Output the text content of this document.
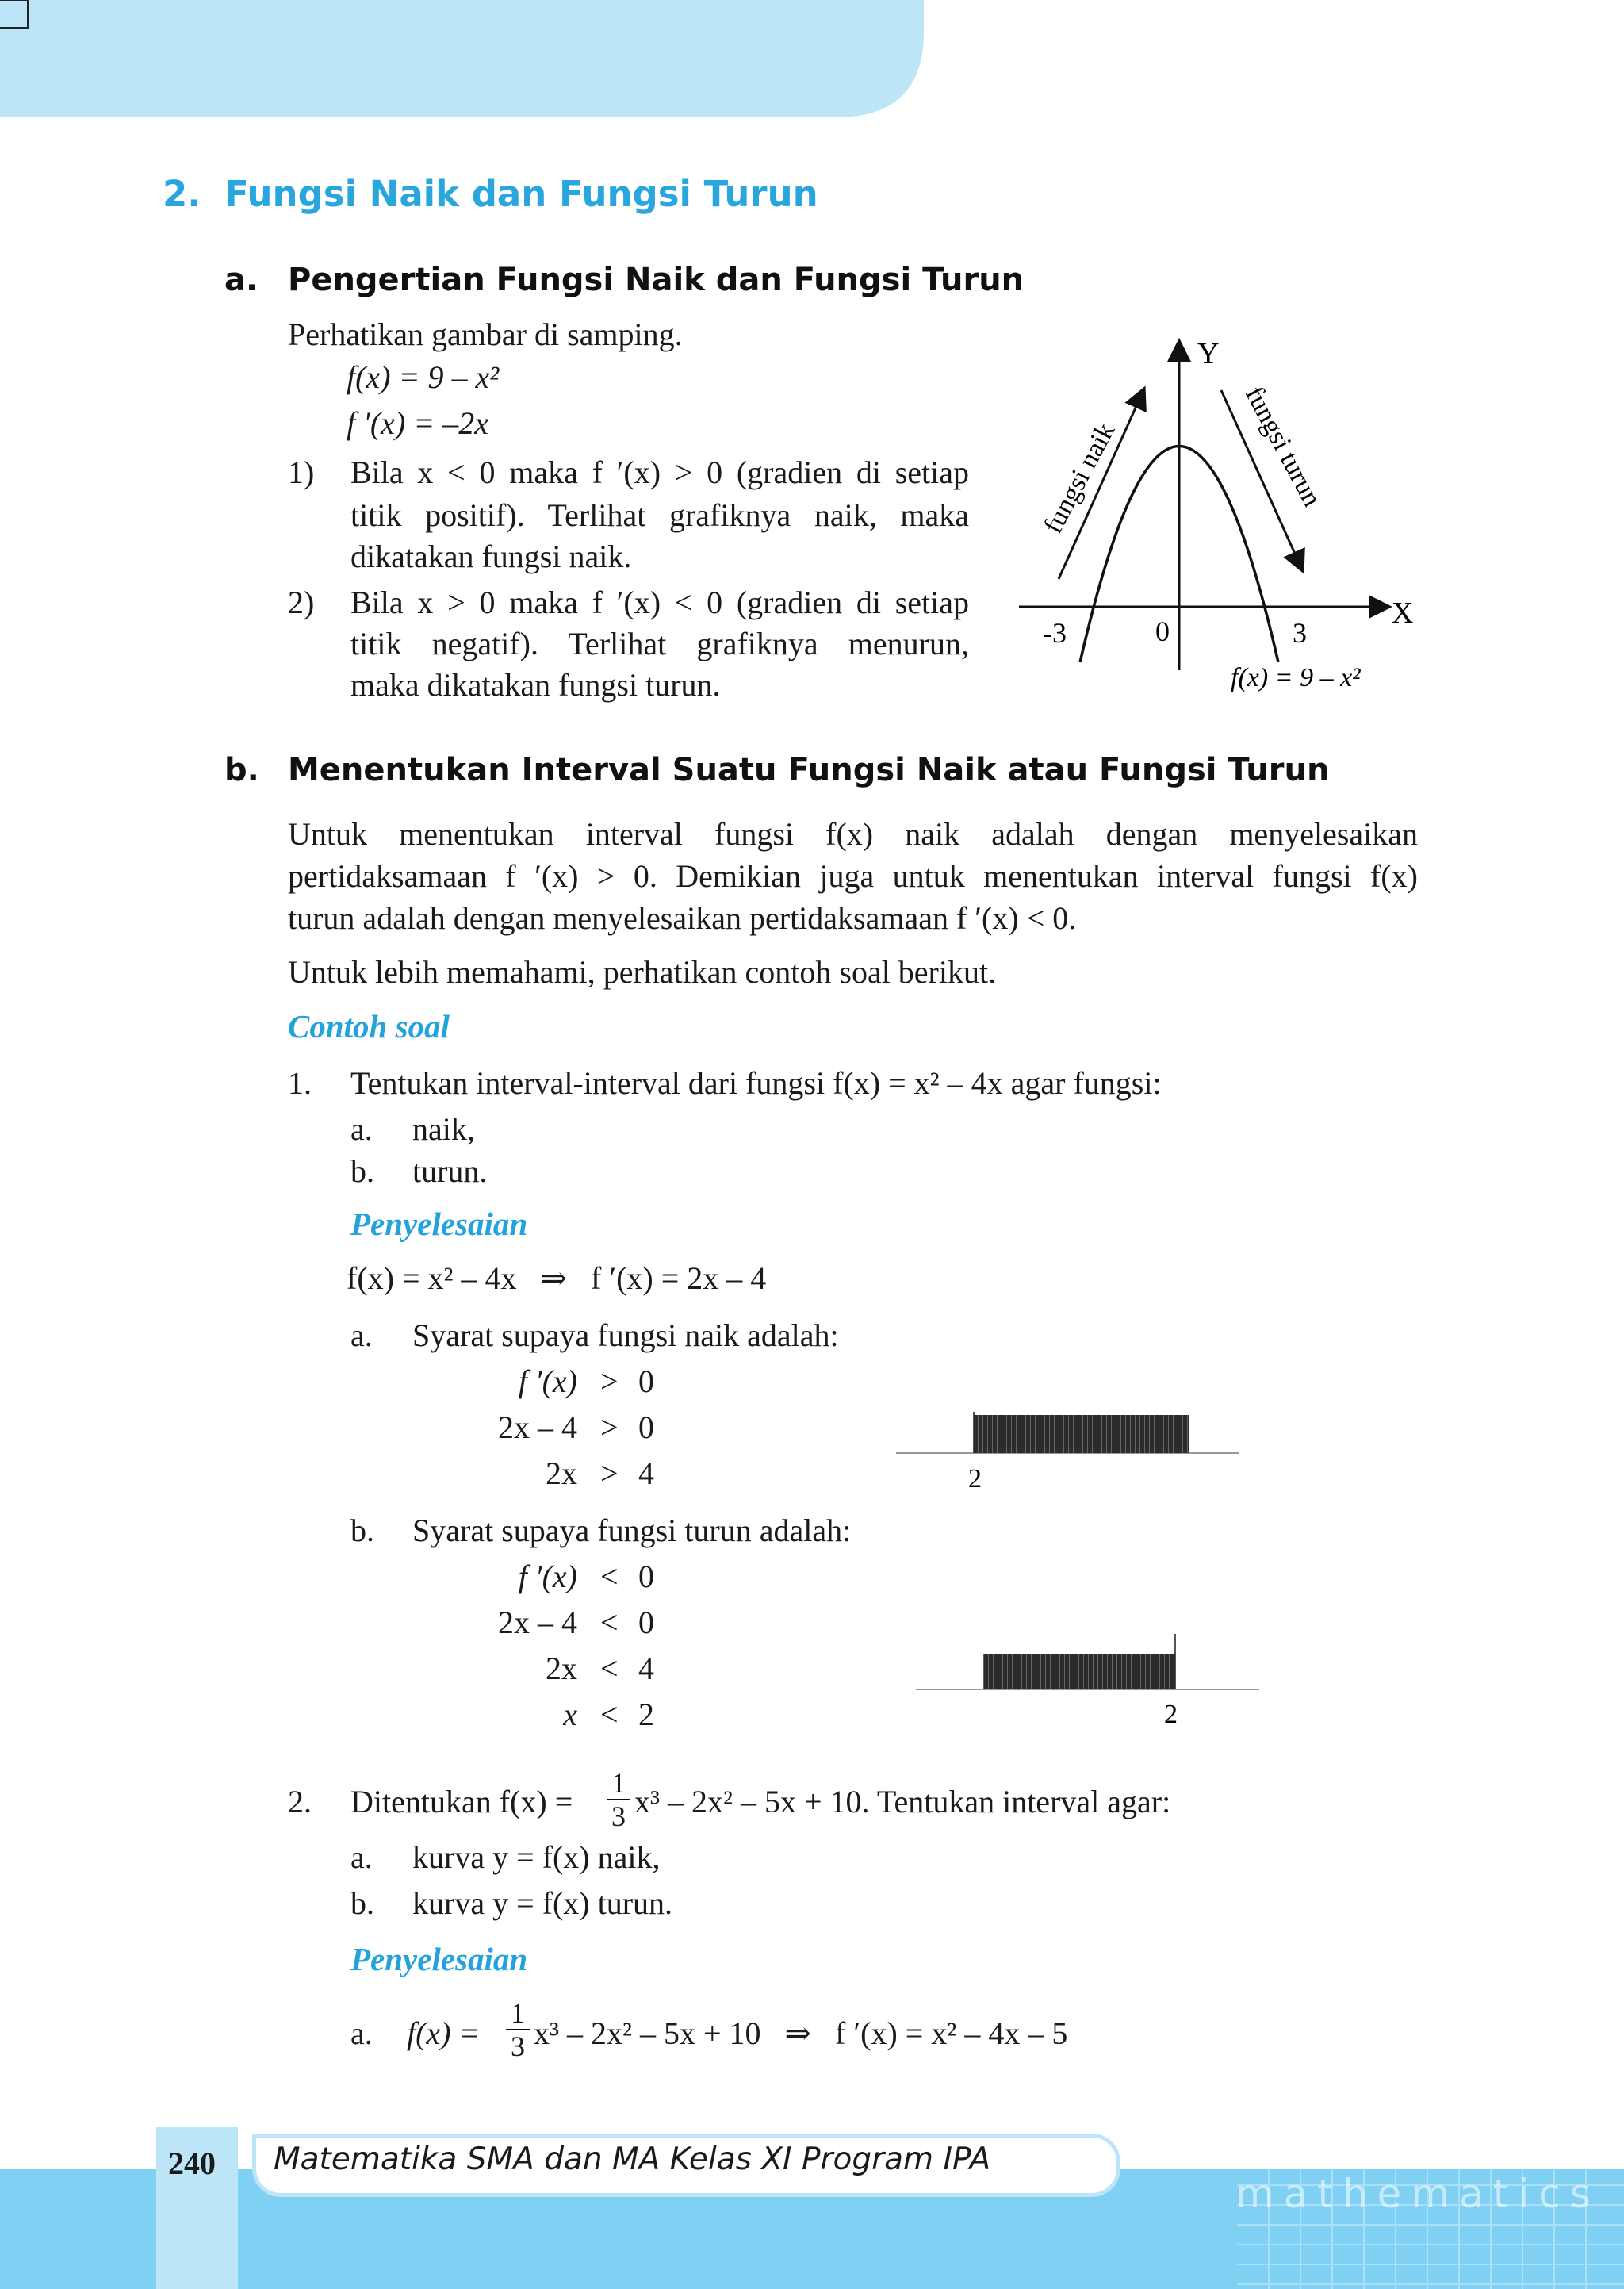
2. Fungsi Naik dan Fungsi Turun
a. Pengertian Fungsi Naik dan Fungsi Turun
Perhatikan gambar di samping.
f(x) = 9 – x²
f ′(x) = –2x
1) Bila x < 0 maka f ′(x) > 0 (gradien di setiap
titik positif). Terlihat grafiknya naik, maka
dikatakan fungsi naik.
2) Bila x > 0 maka f ′(x) < 0 (gradien di setiap
titik negatif). Terlihat grafiknya menurun,
maka dikatakan fungsi turun.
Y
X
-3	0	3
fungsi naik	fungsi turun
f(x) = 9 – x²
b. Menentukan Interval Suatu Fungsi Naik atau Fungsi Turun
Untuk menentukan interval fungsi f(x) naik adalah dengan menyelesaikan
pertidaksamaan f ′(x) > 0. Demikian juga untuk menentukan interval fungsi f(x)
turun adalah dengan menyelesaikan pertidaksamaan f ′(x) < 0.
Untuk lebih memahami, perhatikan contoh soal berikut.
Contoh soal
1. Tentukan interval-interval dari fungsi f(x) = x² – 4x agar fungsi:
a. naik,
b. turun.
Penyelesaian
f(x) = x² – 4x   ⇒   f ′(x) = 2x – 4
a. Syarat supaya fungsi naik adalah:
f ′(x) > 0
2x – 4 > 0
2x > 4	2
b. Syarat supaya fungsi turun adalah:
f ′(x) < 0
2x – 4 < 0
2x < 4
x < 2	2
2. Ditentukan f(x) =
1
3 x³ – 2x² – 5x + 10. Tentukan interval agar:
a. kurva y = f(x) naik,
b. kurva y = f(x) turun.
Penyelesaian
a. f(x) =
1
3 x³ – 2x² – 5x + 10   ⇒   f ′(x) = x² – 4x – 5
mathematics
240 Matematika SMA dan MA Kelas XI Program IPA
